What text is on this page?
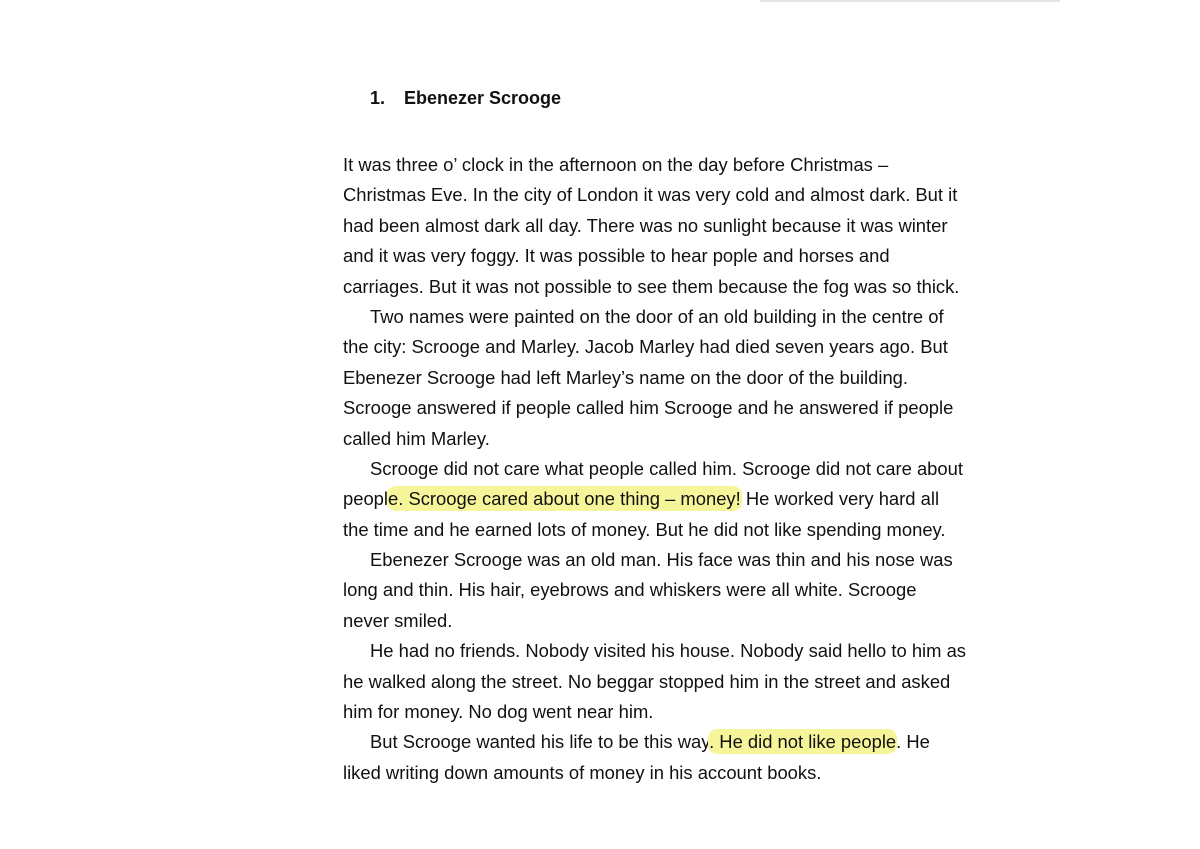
1. Ebenezer Scrooge

It was three o’ clock in the afternoon on the day before Christmas –
Christmas Eve. In the city of London it was very cold and almost dark. But it
had been almost dark all day. There was no sunlight because it was winter
and it was very foggy. It was possible to hear pople and horses and
carriages. But it was not possible to see them because the fog was so thick.

Two names were painted on the door of an old building in the centre of
the city: Scrooge and Marley. Jacob Marley had died seven years ago. But
Ebenezer Scrooge had left Marley’s name on the door of the building.
Scrooge answered if people called him Scrooge and he answered if people
called him Marley.

Scrooge did not care what people called him. Scrooge did not care about
people. Scrooge cared about one thing – money! He worked very hard all
the time and he earned lots of money. But he did not like spending money.

Ebenezer Scrooge was an old man. His face was thin and his nose was
long and thin. His hair, eyebrows and whiskers were all white. Scrooge
never smiled.

He had no friends. Nobody visited his house. Nobody said hello to him as
he walked along the street. No beggar stopped him in the street and asked
him for money. No dog went near him.

But Scrooge wanted his life to be this way. He did not like people. He
liked writing down amounts of money in his account books.
